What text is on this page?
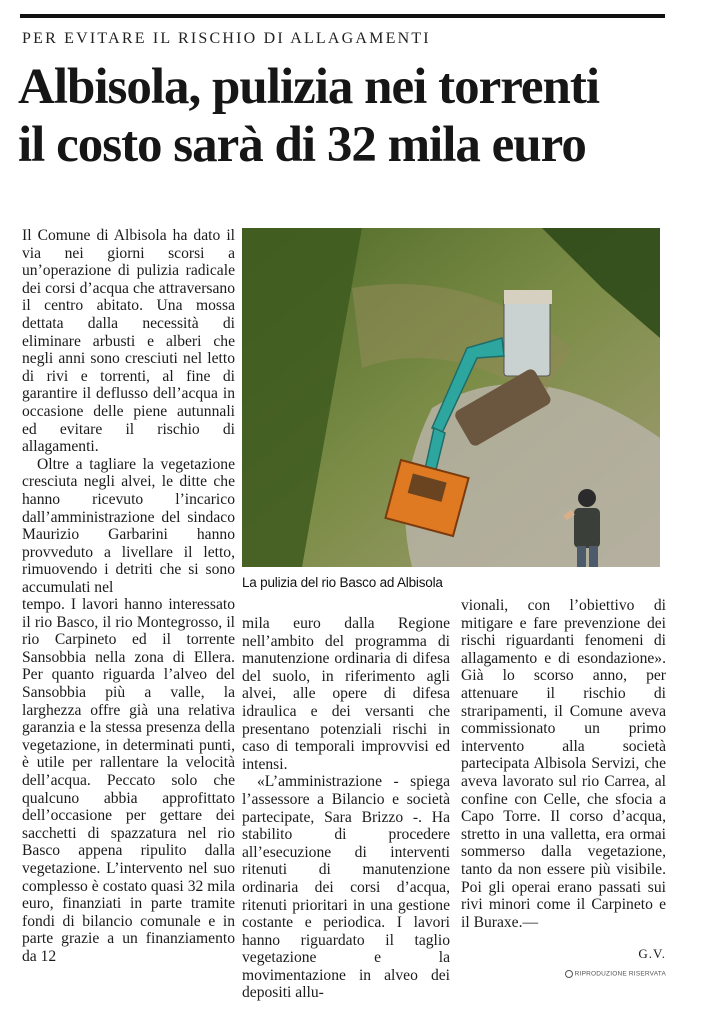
PER EVITARE IL RISCHIO DI ALLAGAMENTI
Albisola, pulizia nei torrenti
il costo sarà di 32 mila euro

Il Comune di Albisola ha dato il via nei giorni scorsi a un’operazione di pulizia radicale dei corsi d’acqua che attraversano il centro abitato. Una mossa dettata dalla necessità di eliminare arbusti e alberi che negli anni sono cresciuti nel letto di rivi e torrenti, al fine di garantire il deflusso dell’acqua in occasione delle piene autunnali ed evitare il rischio di allagamenti.

Oltre a tagliare la vegetazione cresciuta negli alvei, le ditte che hanno ricevuto l’incarico dall’amministrazione del sindaco Maurizio Garbarini hanno provveduto a livellare il letto, rimuovendo i detriti che si sono accumulati nel	La pulizia del rio Basco ad Albisola

tempo. I lavori hanno interessato il rio Basco, il rio Montegrosso, il rio Carpineto ed il torrente Sansobbia nella zona di Ellera. Per quanto riguarda l’alveo del Sansobbia più a valle, la larghezza offre già una relativa garanzia e la stessa presenza della vegetazione, in determinati punti, è utile per rallentare la velocità dell’acqua. Peccato solo che qualcuno abbia approfittato dell’occasione per gettare dei sacchetti di spazzatura nel rio Basco appena ripulito dalla vegetazione. L’intervento nel suo complesso è costato quasi 32 mila euro, finanziati in parte tramite fondi di bilancio comunale e in parte grazie a un finanziamento da 12

mila euro dalla Regione nell’ambito del programma di manutenzione ordinaria di difesa del suolo, in riferimento agli alvei, alle opere di difesa idraulica e dei versanti che presentano potenziali rischi in caso di temporali improvvisi ed intensi.

«L’amministrazione - spiega l’assessore a Bilancio e società partecipate, Sara Brizzo -. Ha stabilito di procedere all’esecuzione di interventi ritenuti di manutenzione ordinaria dei corsi d’acqua, ritenuti prioritari in una gestione costante e periodica. I lavori hanno riguardato il taglio vegetazione e la movimentazione in alveo dei depositi allu-

vionali, con l’obiettivo di mitigare e fare prevenzione dei rischi riguardanti fenomeni di allagamento e di esondazione». Già lo scorso anno, per attenuare il rischio di straripamenti, il Comune aveva commissionato un primo intervento alla società partecipata Albisola Servizi, che aveva lavorato sul rio Carrea, al confine con Celle, che sfocia a Capo Torre. Il corso d’acqua, stretto in una valletta, era ormai sommerso dalla vegetazione, tanto da non essere più visibile. Poi gli operai erano passati sui rivi minori come il Carpineto e il Buraxe.—

G.V.
RIPRODUZIONE RISERVATA
